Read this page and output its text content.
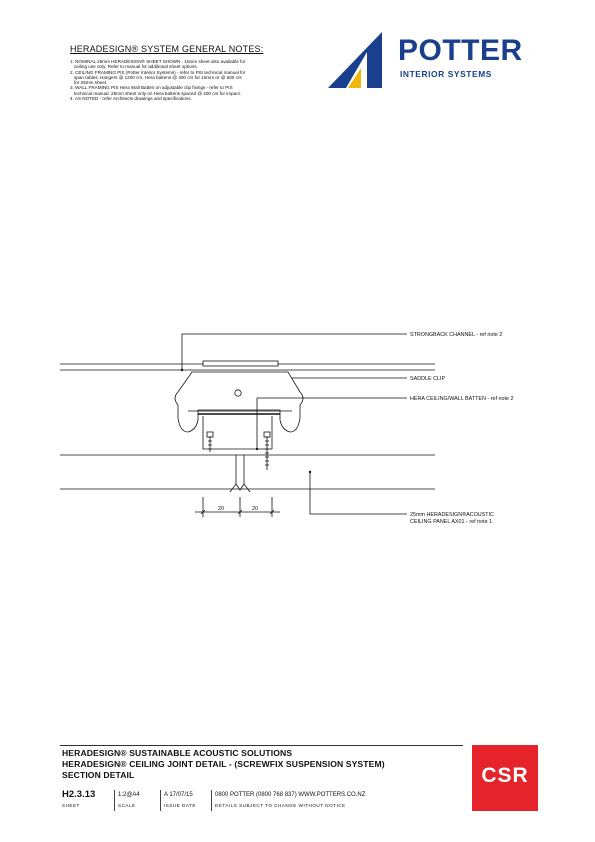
HERADESIGN® SYSTEM GENERAL NOTES:
1. NOMINAL 25mm HERADESIGN® SHEET SHOWN - 15mm sheet also available for
ceiling use only. Refer to manual for additional sheet options.
2. CEILING FRAMING PIS (Potter Interior Systems) - refer to PIS technical manual for
span tables. Hangers @ 1200 crs, Hera battens @ 400 crs for 15mm or @ 600 crs
for 25mm sheet.
3. WALL FRAMING PIS Hera Wall Batten on adjustable clip fixings - refer to PIS
technical manual. 25mm sheet only on Hera battens spaced @ 400 crs for impact.
4. AS NOTED - refer Architects drawings and specifications.
POTTER
INTERIOR SYSTEMS
STRONGBACK CHANNEL - ref note 2
SADDLE CLIP
HERA CEILING/WALL BATTEN - ref note 2
25mm HERADESIGN®ACOUSTIC
CEILING PANEL AX01 - ref note 1
20	20
HERADESIGN® SUSTAINABLE ACOUSTIC SOLUTIONS
HERADESIGN® CEILING JOINT DETAIL - (SCREWFIX SUSPENSION SYSTEM)
SECTION DETAIL
H2.3.13
SHEET
1:2@A4
SCALE
A 17/07/15
ISSUE DATE
0800 POTTER (0800 768 837) WWW.POTTERS.CO.NZ
DETAILS SUBJECT TO CHANGE WITHOUT NOTICE
CSR
